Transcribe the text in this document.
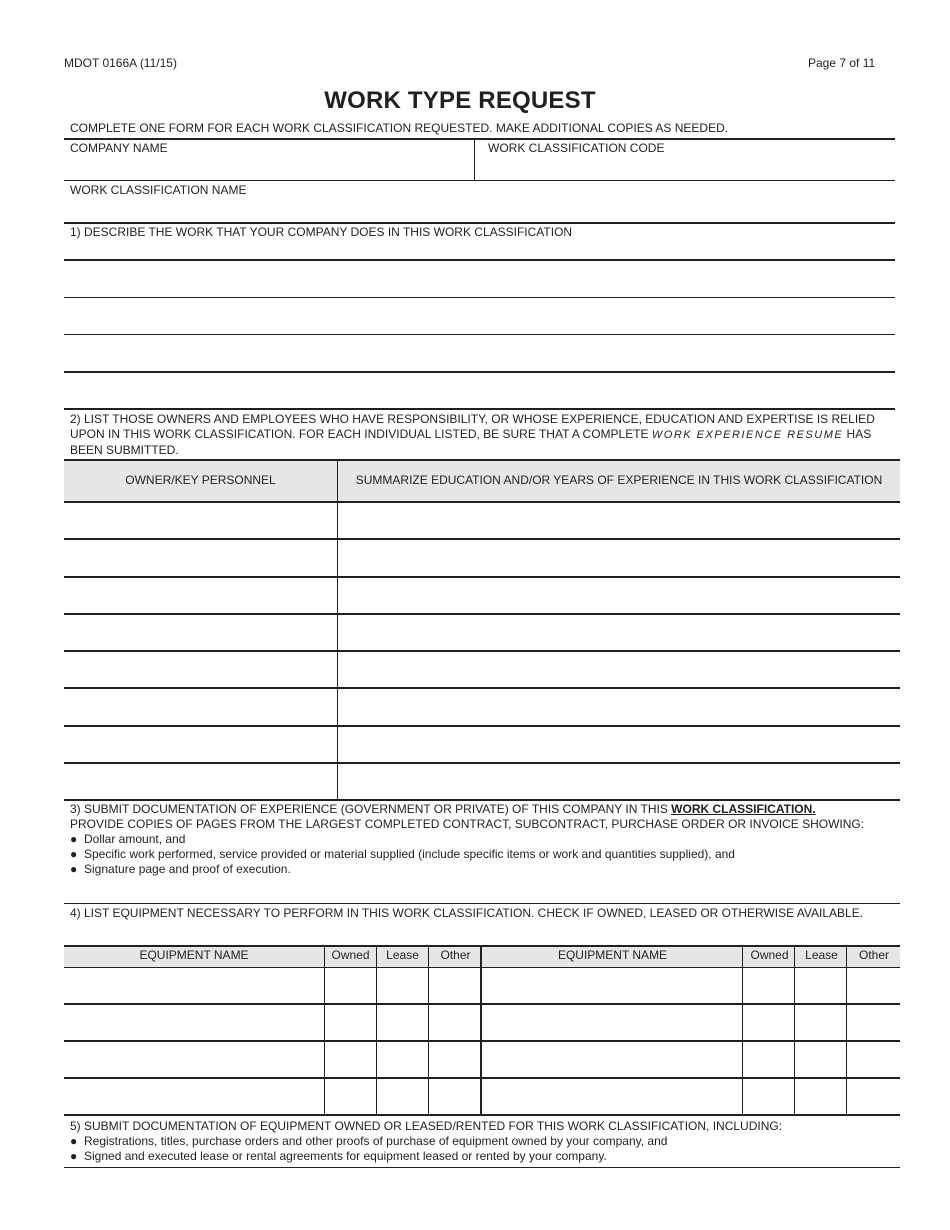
MDOT 0166A (11/15)	Page 7 of 11
WORK TYPE REQUEST
COMPLETE ONE FORM FOR EACH WORK CLASSIFICATION REQUESTED. MAKE ADDITIONAL COPIES AS NEEDED.
COMPANY NAME	WORK CLASSIFICATION CODE
WORK CLASSIFICATION NAME
1) DESCRIBE THE WORK THAT YOUR COMPANY DOES IN THIS WORK CLASSIFICATION
2) LIST THOSE OWNERS AND EMPLOYEES WHO HAVE RESPONSIBILITY, OR WHOSE EXPERIENCE, EDUCATION AND EXPERTISE IS RELIED UPON IN THIS WORK CLASSIFICATION. FOR EACH INDIVIDUAL LISTED, BE SURE THAT A COMPLETE WORK EXPERIENCE RESUME HAS BEEN SUBMITTED.
OWNER/KEY PERSONNEL	SUMMARIZE EDUCATION AND/OR YEARS OF EXPERIENCE IN THIS WORK CLASSIFICATION
3) SUBMIT DOCUMENTATION OF EXPERIENCE (GOVERNMENT OR PRIVATE) OF THIS COMPANY IN THIS WORK CLASSIFICATION.
PROVIDE COPIES OF PAGES FROM THE LARGEST COMPLETED CONTRACT, SUBCONTRACT, PURCHASE ORDER OR INVOICE SHOWING:
● Dollar amount, and
● Specific work performed, service provided or material supplied (include specific items or work and quantities supplied), and
● Signature page and proof of execution.
4) LIST EQUIPMENT NECESSARY TO PERFORM IN THIS WORK CLASSIFICATION. CHECK IF OWNED, LEASED OR OTHERWISE AVAILABLE.
EQUIPMENT NAME	Owned	Lease	Other	EQUIPMENT NAME	Owned	Lease	Other
5) SUBMIT DOCUMENTATION OF EQUIPMENT OWNED OR LEASED/RENTED FOR THIS WORK CLASSIFICATION, INCLUDING:
● Registrations, titles, purchase orders and other proofs of purchase of equipment owned by your company, and
● Signed and executed lease or rental agreements for equipment leased or rented by your company.
